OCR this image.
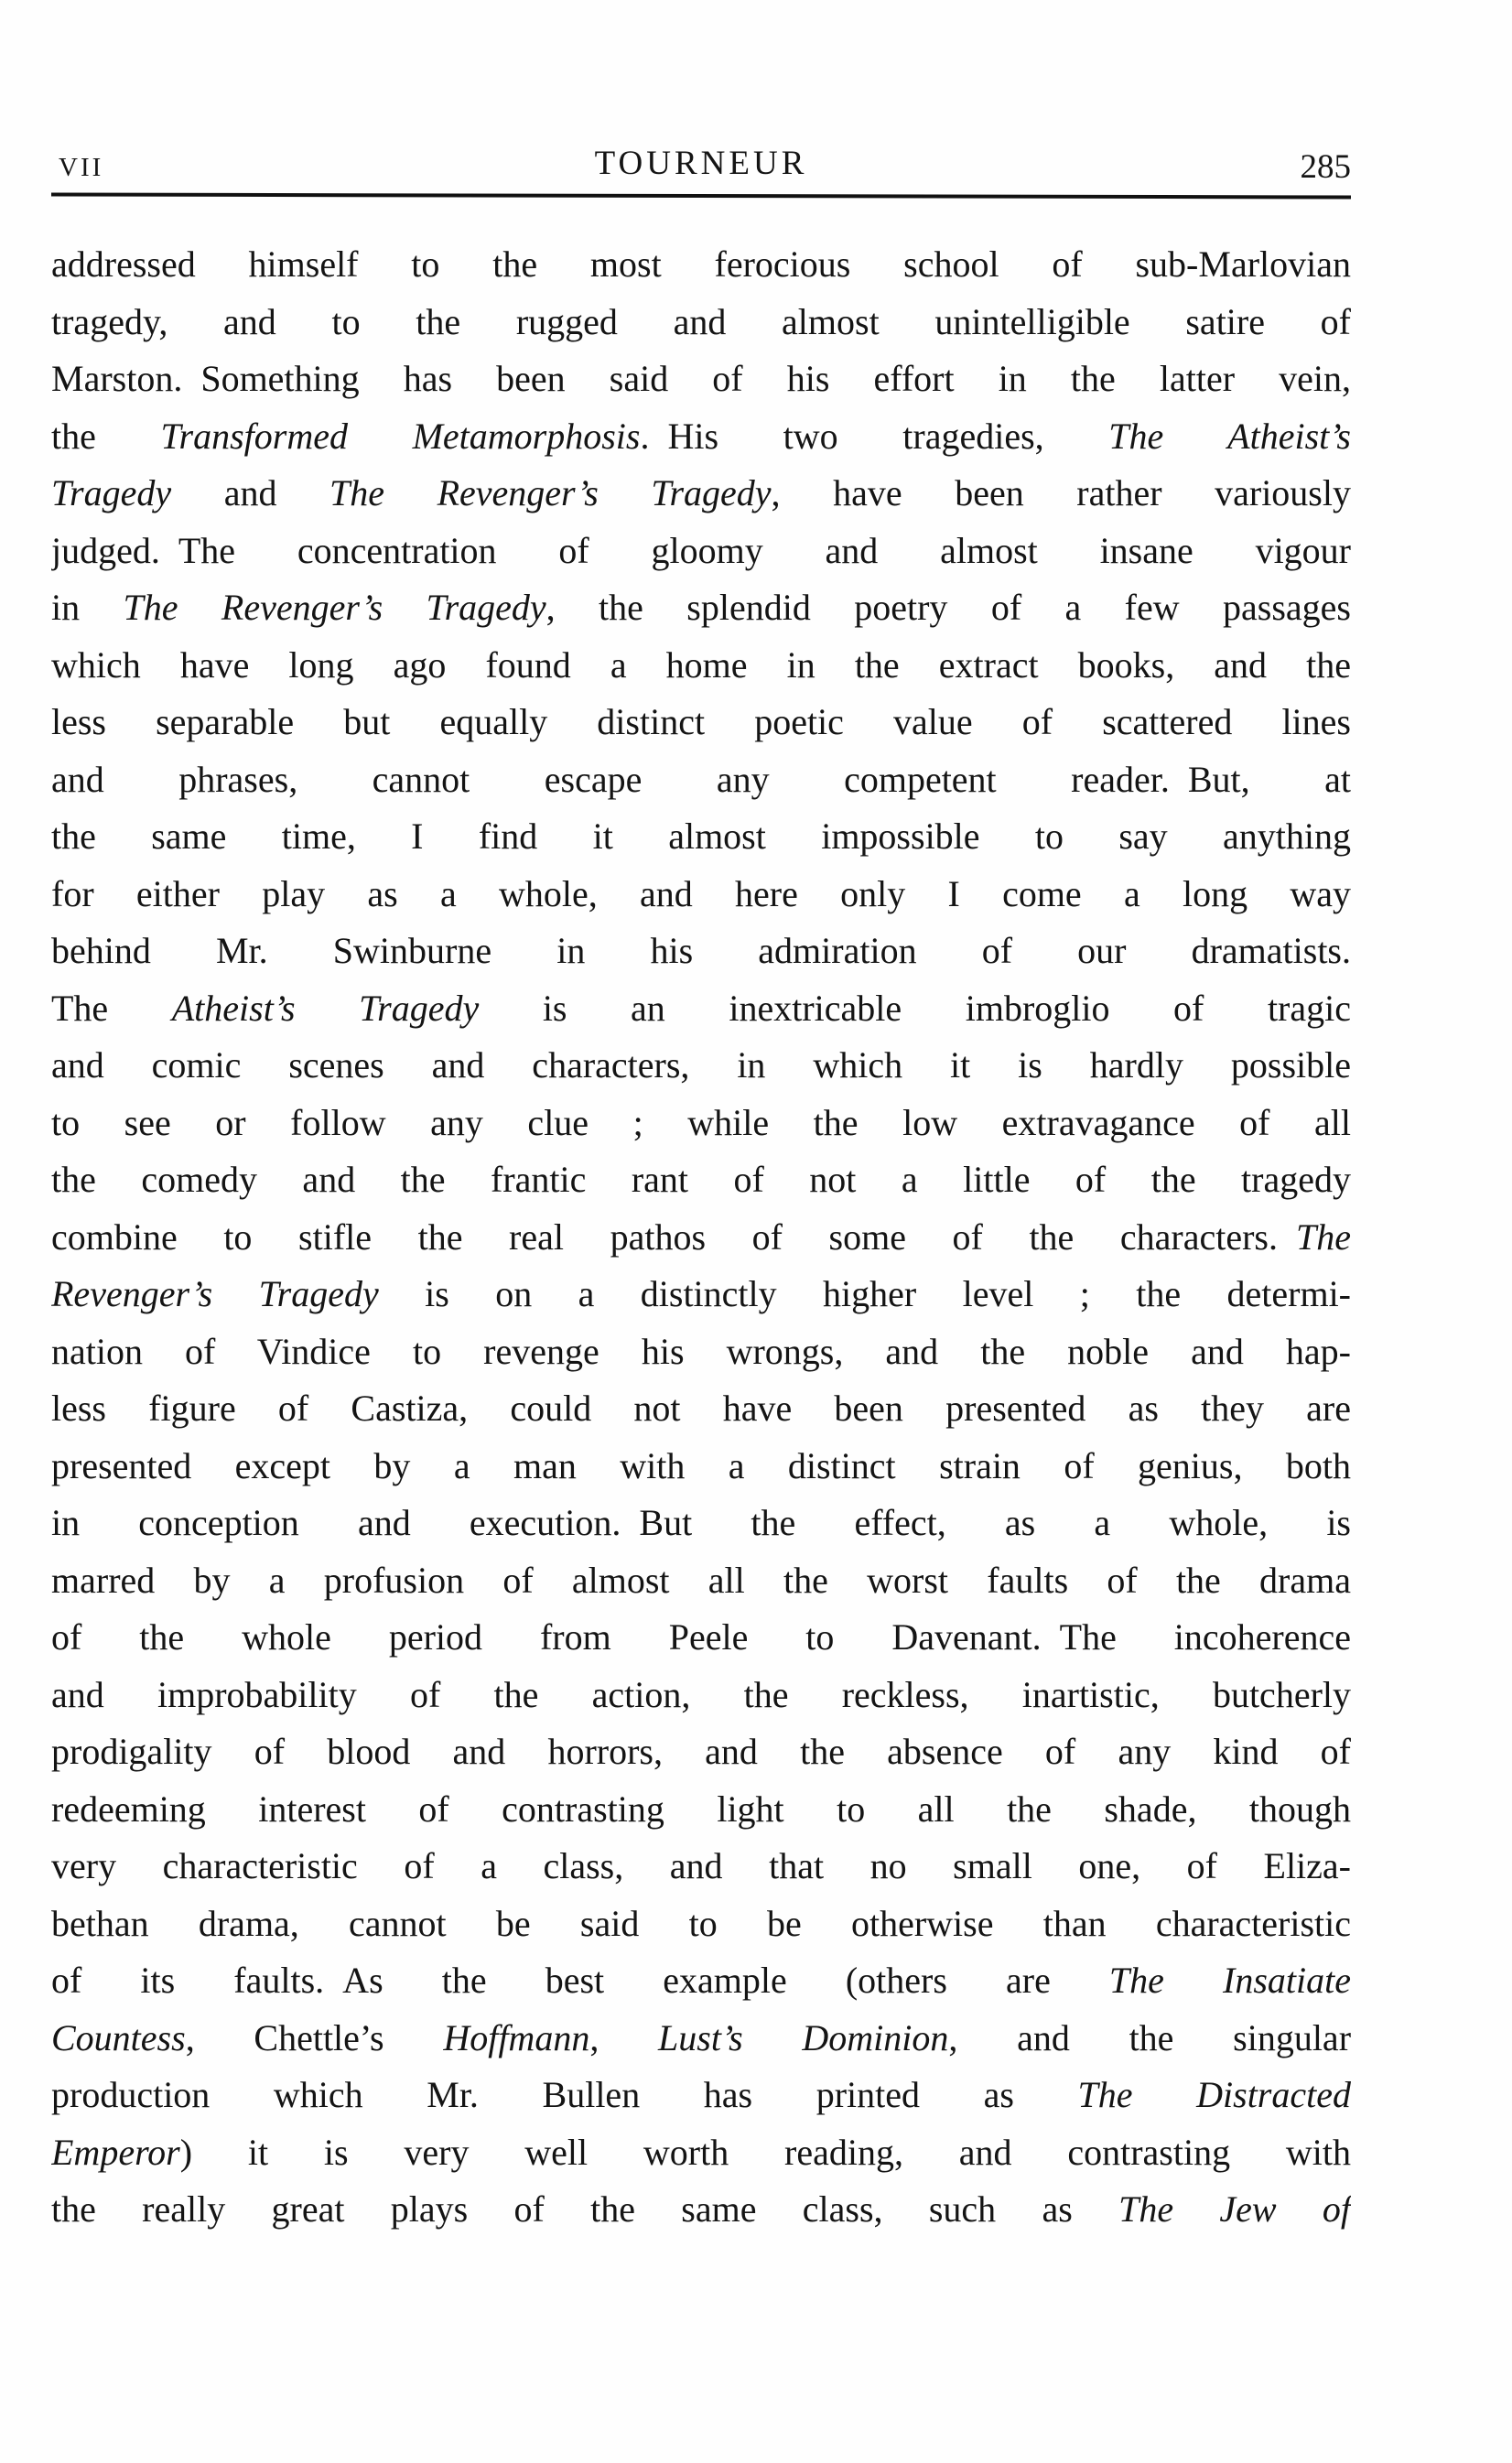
VII	TOURNEUR	285
addressed himself to the most ferocious school of sub-Marlovian
tragedy, and to the rugged and almost unintelligible satire of
Marston. Something has been said of his effort in the latter vein,
the Transformed Metamorphosis. His two tragedies, The Atheist’s
Tragedy and The Revenger’s Tragedy, have been rather variously
judged. The concentration of gloomy and almost insane vigour
in The Revenger’s Tragedy, the splendid poetry of a few passages
which have long ago found a home in the extract books, and the
less separable but equally distinct poetic value of scattered lines
and phrases, cannot escape any competent reader. But, at
the same time, I find it almost impossible to say anything
for either play as a whole, and here only I come a long way
behind Mr. Swinburne in his admiration of our dramatists.
The Atheist’s Tragedy is an inextricable imbroglio of tragic
and comic scenes and characters, in which it is hardly possible
to see or follow any clue ; while the low extravagance of all
the comedy and the frantic rant of not a little of the tragedy
combine to stifle the real pathos of some of the characters. The
Revenger’s Tragedy is on a distinctly higher level ; the determi-
nation of Vindice to revenge his wrongs, and the noble and hap-
less figure of Castiza, could not have been presented as they are
presented except by a man with a distinct strain of genius, both
in conception and execution. But the effect, as a whole, is
marred by a profusion of almost all the worst faults of the drama
of the whole period from Peele to Davenant. The incoherence
and improbability of the action, the reckless, inartistic, butcherly
prodigality of blood and horrors, and the absence of any kind of
redeeming interest of contrasting light to all the shade, though
very characteristic of a class, and that no small one, of Eliza-
bethan drama, cannot be said to be otherwise than characteristic
of its faults. As the best example (others are The Insatiate
Countess, Chettle’s Hoffmann, Lust’s Dominion, and the singular
production which Mr. Bullen has printed as The Distracted
Emperor) it is very well worth reading, and contrasting with
the really great plays of the same class, such as The Jew of
